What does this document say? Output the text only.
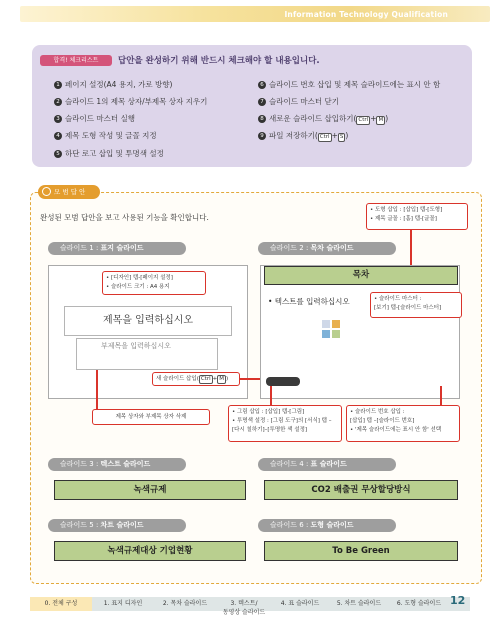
Information Technology Qualification
합격! 체크리스트	답안을 완성하기 위해 반드시 체크해야 할 내용입니다.
1 페이지 설정(A4 용지, 가로 방향)
2 슬라이드 1의 제목 상자/부제목 상자 지우기
3 슬라이드 마스터 실행
4 제목 도형 작성 및 글꼴 지정
5 하단 로고 삽입 및 투명색 설정
6 슬라이드 번호 삽입 및 제목 슬라이드에는 표시 안 함
7 슬라이드 마스터 닫기
8 새로운 슬라이드 삽입하기( Ctrl + M )
9 파일 저장하기( Ctrl + S )
모 범 답 안
완성된 모범 답안을 보고 사용된 기능을 확인합니다.
• 도형 삽입 : [삽입] 탭-[도형]
• 제목 글꼴 : [홈] 탭-[글꼴]
슬라이드 1 : 표지 슬라이드
• [디자인] 탭-[페이지 설정]
• 슬라이드 크기 : A4 용지
제목을 입력하십시오
부제목을 입력하십시오
새 슬라이드 삽입( Ctrl + M )
제목 상자와 부제목 상자 삭제
슬라이드 2 : 목차 슬라이드
목차
• 텍스트를 입력하십시오	• 슬라이드 마스터 :
[보기] 탭-[슬라이드 마스터]
• 그림 삽입 : [삽입] 탭-[그림]
• 투명색 설정 : [그림 도구]의 [서식] 탭 –
[다시 칠하기]–[투명한 색 설정]
• 슬라이드 번호 삽입 :
[삽입] 탭 –[슬라이드 번호]
• '제목 슬라이드에는 표시 안 함' 선택
슬라이드 3 : 텍스트 슬라이드
녹색규제
슬라이드 4 : 표 슬라이드
CO2 배출권 무상할당방식
슬라이드 5 : 차트 슬라이드
녹색규제대상 기업현황
슬라이드 6 : 도형 슬라이드
To Be Green
0. 전체 구성	1. 표지 디자인	2. 목차 슬라이드	3. 텍스트/
동영상 슬라이드
4. 표 슬라이드	5. 차트 슬라이드	6. 도형 슬라이드 12
